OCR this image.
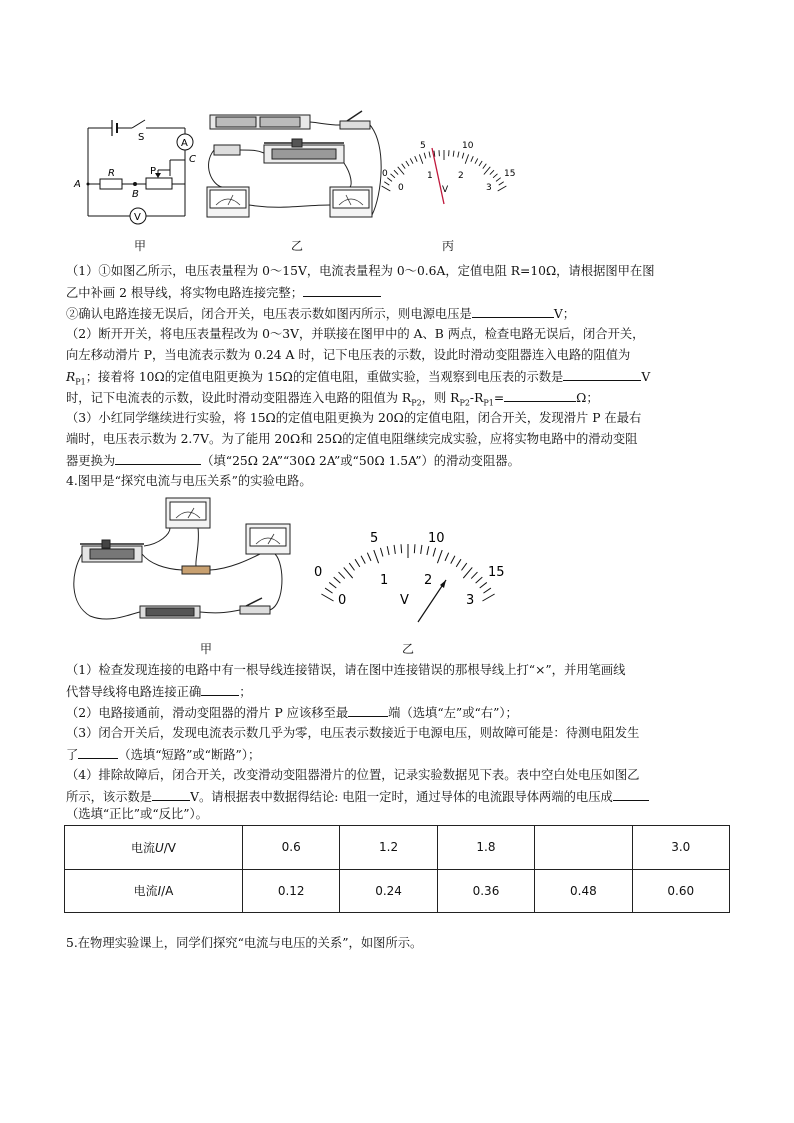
A
V
S
C
R	P
B
A
甲	乙
0
5	10
15
0
1	2
3
V
丙
（1）①如图乙所示，电压表量程为 0～15V，电流表量程为 0～0.6A，定值电阻 R=10Ω，请根据图甲在图
乙中补画 2 根导线，将实物电路连接完整；
②确认电路连接无误后，闭合开关，电压表示数如图丙所示，则电源电压是	V；
（2）断开开关，将电压表量程改为 0～3V，并联接在图甲中的 A、B 两点，检查电路无误后，闭合开关，
向左移动滑片 P，当电流表示数为 0.24 A 时，记下电压表的示数，设此时滑动变阻器连入电路的阻值为
$R_{P1}$；接着将 10Ω的定值电阻更换为 15Ω的定值电阻，重做实验，当观察到电压表的示数是	V
时，记下电流表的示数，设此时滑动变阻器连入电路的阻值为 $R_{P2}$，则 $R_{P2}-R_{P1}=$	Ω；
（3）小红同学继续进行实验，将 15Ω的定值电阻更换为 20Ω的定值电阻，闭合开关，发现滑片 P 在最右
端时，电压表示数为 2.7V。为了能用 20Ω和 25Ω的定值电阻继续完成实验，应将实物电路中的滑动变阻
器更换为	（填“25Ω 2A”“30Ω 2A”或“50Ω 1.5A”）的滑动变阻器。
4.图甲是“探究电流与电压关系”的实验电路。
甲
0
5	10
15
0
1	2
3
V
乙
（1）检查发现连接的电路中有一根导线连接错误，请在图中连接错误的那根导线上打“×”，并用笔画线
代替导线将电路连接正确	；
（2）电路接通前，滑动变阻器的滑片 P 应该移至最	端（选填“左”或“右”）；
（3）闭合开关后，发现电流表示数几乎为零，电压表示数接近于电源电压，则故障可能是：待测电阻发生
了	（选填“短路”或“断路”）；
（4）排除故障后，闭合开关，改变滑动变阻器滑片的位置，记录实验数据见下表。表中空白处电压如图乙
所示，该示数是	V。请根据表中数据得结论: 电阻一定时，通过导体的电流跟导体两端的电压成
（选填“正比”或“反比”）。
电流U/V	0.6	1.2	1.8		3.0
电流I/A	0.12	0.24	0.36	0.48	0.60
5.在物理实验课上，同学们探究“电流与电压的关系”，如图所示。
